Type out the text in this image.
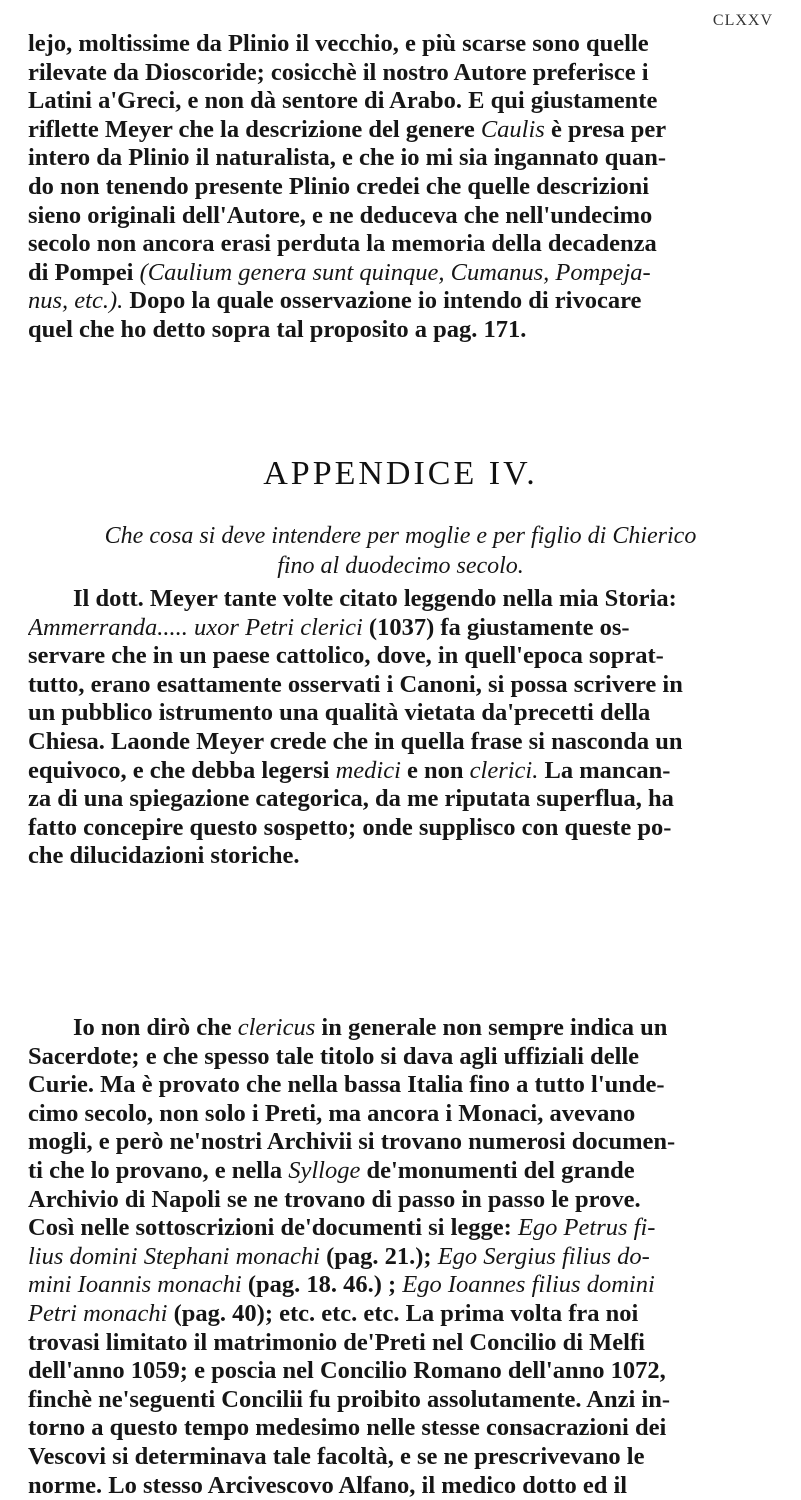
CLXXV
lejo, moltissime da Plinio il vecchio, e più scarse sono quelle
rilevate da Dioscoride; cosicchè il nostro Autore preferisce i
Latini a'Greci, e non dà sentore di Arabo. E qui giustamente
riflette Meyer che la descrizione del genere Caulis è presa per
intero da Plinio il naturalista, e che io mi sia ingannato quan-
do non tenendo presente Plinio credei che quelle descrizioni
sieno originali dell'Autore, e ne deduceva che nell'undecimo
secolo non ancora erasi perduta la memoria della decadenza
di Pompei (Caulium genera sunt quinque, Cumanus, Pompeja-
nus, etc.). Dopo la quale osservazione io intendo di rivocare
quel che ho detto sopra tal proposito a pag. 171.
APPENDICE IV.
Che cosa si deve intendere per moglie e per figlio di Chierico
fino al duodecimo secolo.
Il dott. Meyer tante volte citato leggendo nella mia Storia:
Ammerranda..... uxor Petri clerici (1037) fa giustamente os-
servare che in un paese cattolico, dove, in quell'epoca soprat-
tutto, erano esattamente osservati i Canoni, si possa scrivere in
un pubblico istrumento una qualità vietata da'precetti della
Chiesa. Laonde Meyer crede che in quella frase si nasconda un
equivoco, e che debba legersi medici e non clerici. La mancan-
za di una spiegazione categorica, da me riputata superflua, ha
fatto concepire questo sospetto; onde supplisco con queste po-
che dilucidazioni storiche.
Io non dirò che clericus in generale non sempre indica un
Sacerdote; e che spesso tale titolo si dava agli uffiziali delle
Curie. Ma è provato che nella bassa Italia fino a tutto l'unde-
cimo secolo, non solo i Preti, ma ancora i Monaci, avevano
mogli, e però ne'nostri Archivii si trovano numerosi documen-
ti che lo provano, e nella Sylloge de'monumenti del grande
Archivio di Napoli se ne trovano di passo in passo le prove.
Così nelle sottoscrizioni de'documenti si legge: Ego Petrus fi-
lius domini Stephani monachi (pag. 21.); Ego Sergius filius do-
mini Ioannis monachi (pag. 18. 46.) ; Ego Ioannes filius domini
Petri monachi (pag. 40); etc. etc. etc. La prima volta fra noi
trovasi limitato il matrimonio de'Preti nel Concilio di Melfi
dell'anno 1059; e poscia nel Concilio Romano dell'anno 1072,
finchè ne'seguenti Concilii fu proibito assolutamente. Anzi in-
torno a questo tempo medesimo nelle stesse consacrazioni dei
Vescovi si determinava tale facoltà, e se ne prescrivevano le
norme. Lo stesso Arcivescovo Alfano, il medico dotto ed il
